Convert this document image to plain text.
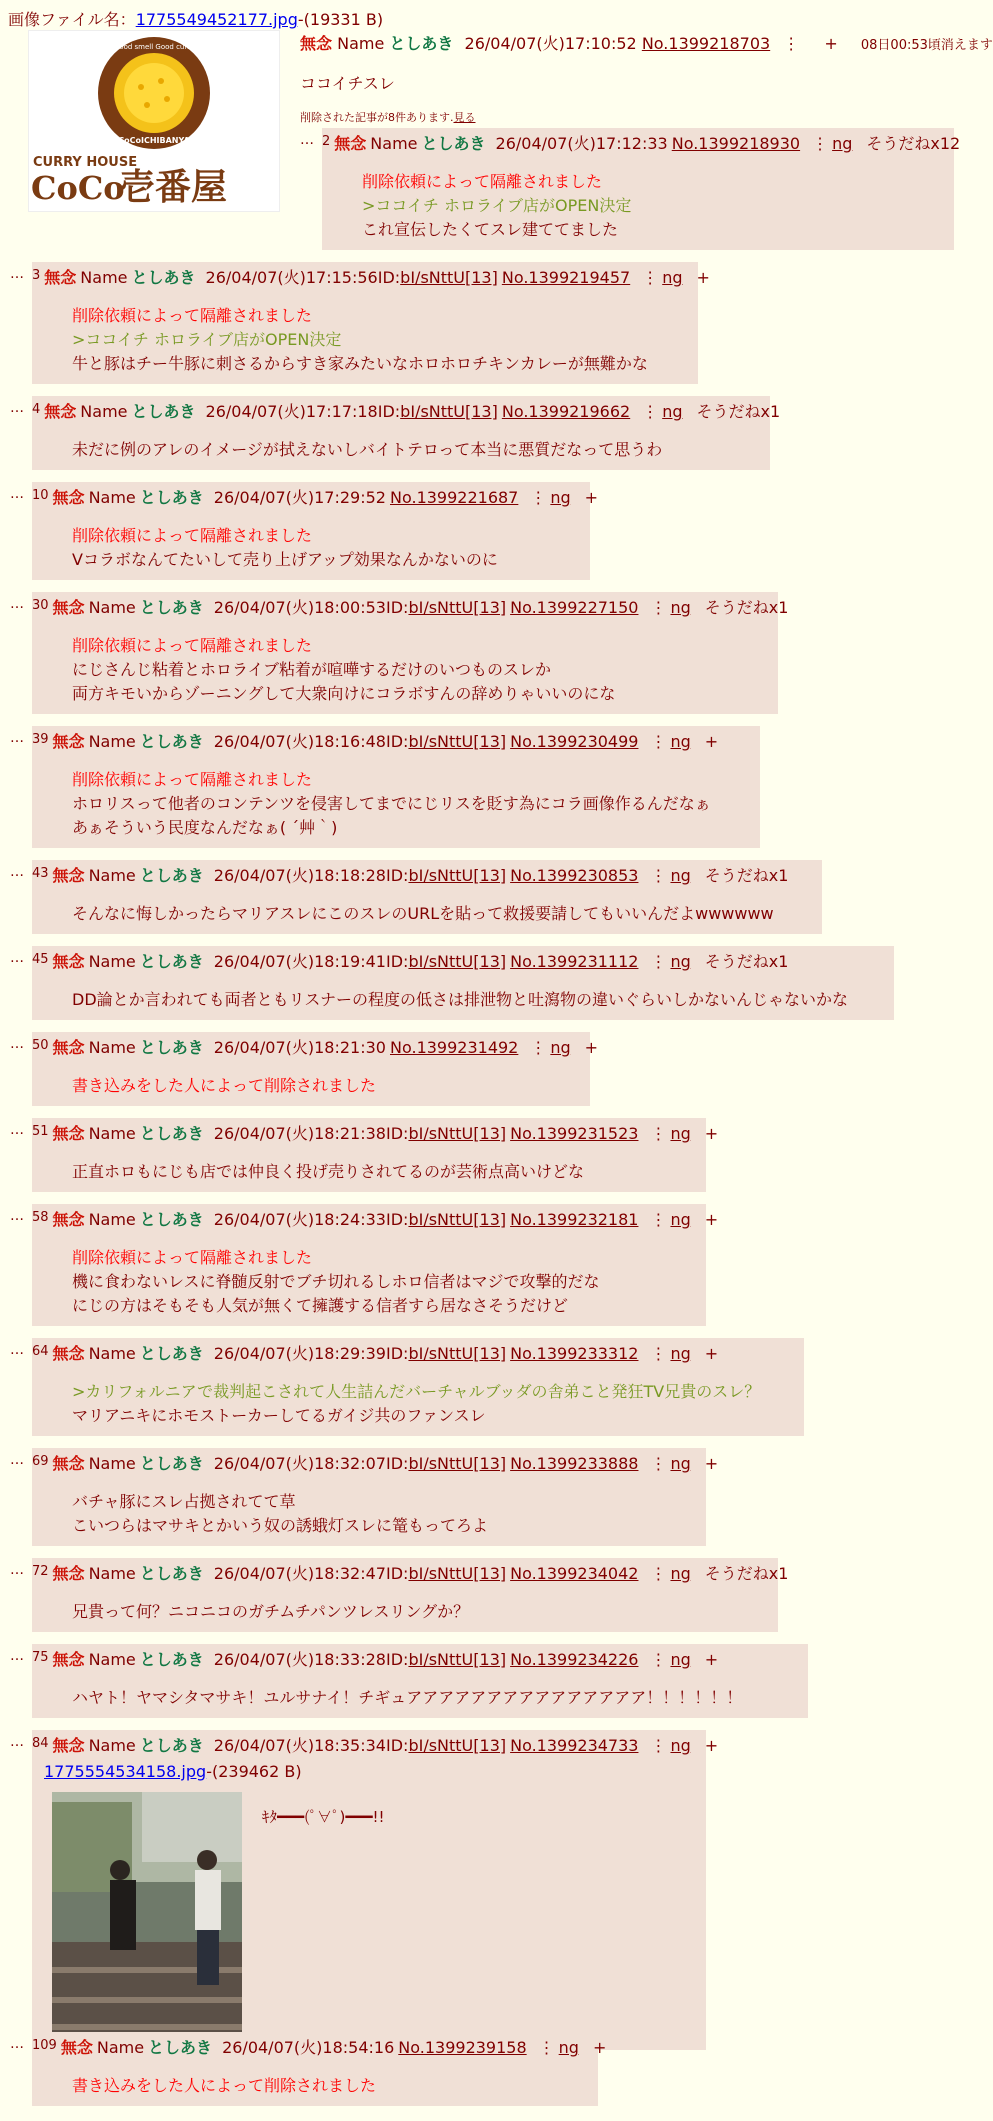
画像ファイル名：1775549452177.jpg-(19331 B)
Good smell Good curry
CoCoICHIBANYA
CURRY HOUSE
CoCo
壱番屋
無念 Name としあき 26/04/07(火)17:10:52 No.1399218703 ⋮ + 08日00:53頃消えます
ココイチスレ
削除された記事が8件あります.見る
… $^2$ 無念 Name としあき 26/04/07(火)17:12:33 No.1399218930 ⋮ ng そうだねx12
削除依頼によって隔離されました
>ココイチ ホロライブ店がOPEN決定
これ宣伝したくてスレ建ててました
… $^3$ 無念 Name としあき 26/04/07(火)17:15:56ID:bI/sNttU[13] No.1399219457 ⋮ ng +
削除依頼によって隔離されました
>ココイチ ホロライブ店がOPEN決定
牛と豚はチー牛豚に刺さるからすき家みたいなホロホロチキンカレーが無難かな
… $^4$ 無念 Name としあき 26/04/07(火)17:17:18ID:bI/sNttU[13] No.1399219662 ⋮ ng そうだねx1
未だに例のアレのイメージが拭えないしバイトテロって本当に悪質だなって思うわ
… $^{10}$ 無念 Name としあき 26/04/07(火)17:29:52 No.1399221687 ⋮ ng +
削除依頼によって隔離されました
Vコラボなんてたいして売り上げアップ効果なんかないのに
… $^{30}$ 無念 Name としあき 26/04/07(火)18:00:53ID:bI/sNttU[13] No.1399227150 ⋮ ng そうだねx1
削除依頼によって隔離されました
にじさんじ粘着とホロライブ粘着が喧嘩するだけのいつものスレか
両方キモいからゾーニングして大衆向けにコラボすんの辞めりゃいいのにな
… $^{39}$ 無念 Name としあき 26/04/07(火)18:16:48ID:bI/sNttU[13] No.1399230499 ⋮ ng +
削除依頼によって隔離されました
ホロリスって他者のコンテンツを侵害してまでにじリスを貶す為にコラ画像作るんだなぁ
あぁそういう民度なんだなぁ( ´艸｀)
… $^{43}$ 無念 Name としあき 26/04/07(火)18:18:28ID:bI/sNttU[13] No.1399230853 ⋮ ng そうだねx1
そんなに悔しかったらマリアスレにこのスレのURLを貼って救援要請してもいいんだよwwwwww
… $^{45}$ 無念 Name としあき 26/04/07(火)18:19:41ID:bI/sNttU[13] No.1399231112 ⋮ ng そうだねx1
DD論とか言われても両者ともリスナーの程度の低さは排泄物と吐瀉物の違いぐらいしかないんじゃないかな
… $^{50}$ 無念 Name としあき 26/04/07(火)18:21:30 No.1399231492 ⋮ ng +
書き込みをした人によって削除されました
… $^{51}$ 無念 Name としあき 26/04/07(火)18:21:38ID:bI/sNttU[13] No.1399231523 ⋮ ng +
正直ホロもにじも店では仲良く投げ売りされてるのが芸術点高いけどな
… $^{58}$ 無念 Name としあき 26/04/07(火)18:24:33ID:bI/sNttU[13] No.1399232181 ⋮ ng +
削除依頼によって隔離されました
機に食わないレスに脊髄反射でブチ切れるしホロ信者はマジで攻撃的だな
にじの方はそもそも人気が無くて擁護する信者すら居なさそうだけど
… $^{64}$ 無念 Name としあき 26/04/07(火)18:29:39ID:bI/sNttU[13] No.1399233312 ⋮ ng +
>カリフォルニアで裁判起こされて人生詰んだバーチャルブッダの舎弟こと発狂TV兄貴のスレ？
マリアニキにホモストーカーしてるガイジ共のファンスレ
… $^{69}$ 無念 Name としあき 26/04/07(火)18:32:07ID:bI/sNttU[13] No.1399233888 ⋮ ng +
バチャ豚にスレ占拠されてて草
こいつらはマサキとかいう奴の誘蛾灯スレに篭もってろよ
… $^{72}$ 無念 Name としあき 26/04/07(火)18:32:47ID:bI/sNttU[13] No.1399234042 ⋮ ng そうだねx1
兄貴って何？ニコニコのガチムチパンツレスリングか？
… $^{75}$ 無念 Name としあき 26/04/07(火)18:33:28ID:bI/sNttU[13] No.1399234226 ⋮ ng +
ハヤト！ヤマシタマサキ！ユルサナイ！チギュアアアアアアアアアアアアアアア！！！！！！
… $^{84}$ 無念 Name としあき 26/04/07(火)18:35:34ID:bI/sNttU[13] No.1399234733 ⋮ ng +
1775554534158.jpg-(239462 B)
ｷﾀ━━━(ﾟ∀ﾟ)━━━!!
… $^{109}$ 無念 Name としあき 26/04/07(火)18:54:16 No.1399239158 ⋮ ng +
書き込みをした人によって削除されました
